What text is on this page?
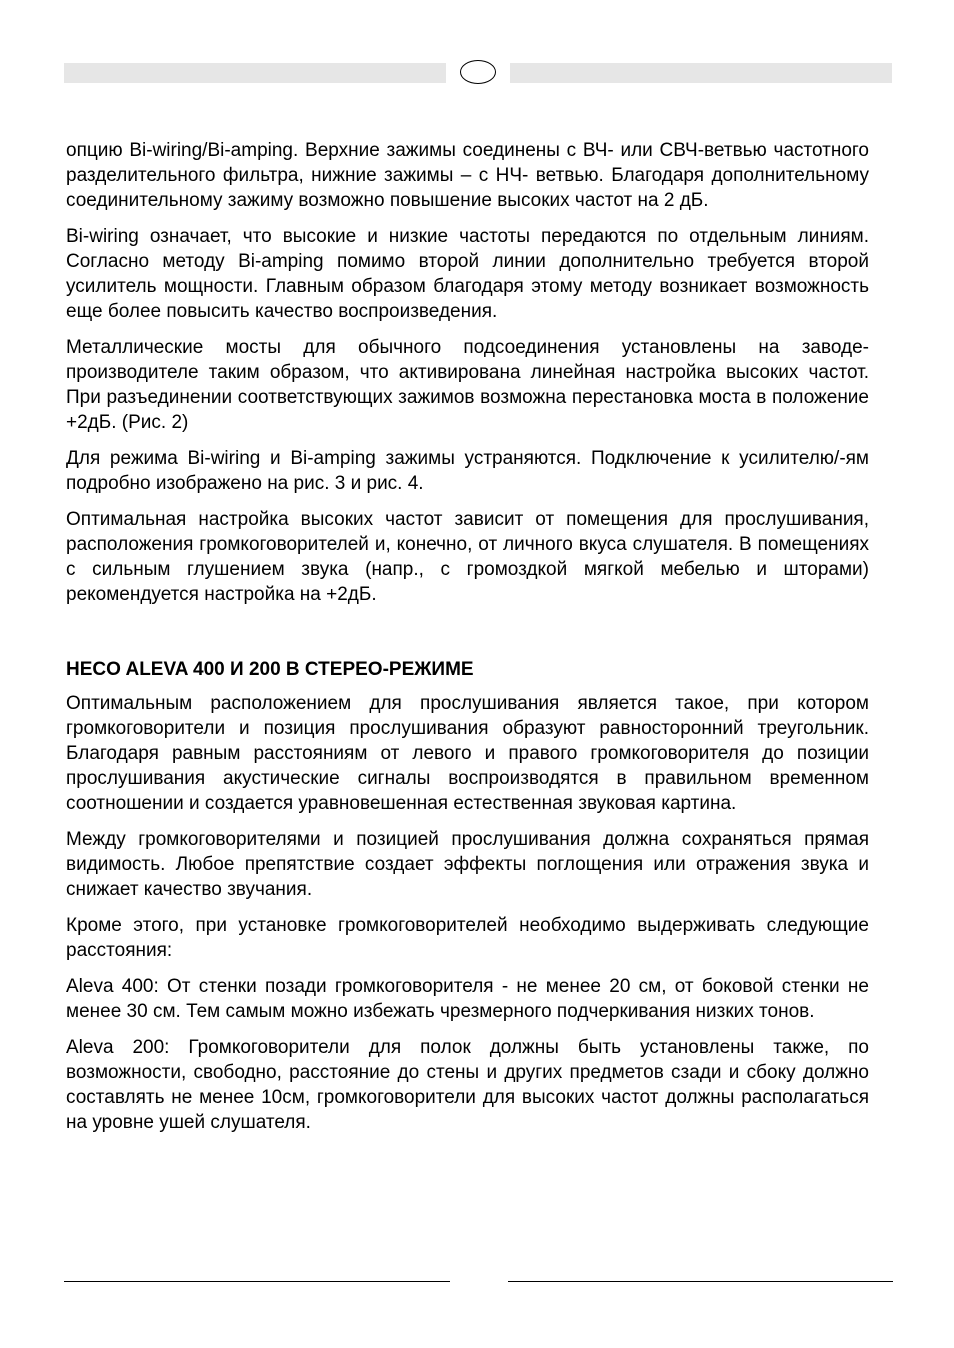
опцию Bi-wiring/Bi-amping. Верхние зажимы соединены с ВЧ- или СВЧ-ветвью частотного разделительного фильтра, нижние зажимы – с НЧ- ветвью. Благодаря дополнительному соединительному зажиму возможно повышение высоких частот на 2 дБ.

Bi-wiring означает, что высокие и низкие частоты передаются по отдельным линиям. Согласно методу Bi-amping помимо второй линии дополнительно требуется второй усилитель мощности. Главным образом благодаря этому методу возникает возможность еще более повысить качество воспроизведения.

Металлические мосты для обычного подсоединения установлены на заводе-производителе таким образом, что активирована линейная настройка высоких частот. При разъединении соответствующих зажимов возможна перестановка моста в положение +2дБ. (Рис. 2)

Для режима Bi-wiring и Bi-amping зажимы устраняются. Подключение к усилителю/-ям подробно изображено на рис. 3 и рис. 4.

Оптимальная настройка высоких частот зависит от помещения для прослушивания, расположения громкоговорителей и, конечно, от личного вкуса слушателя. В помещениях с сильным глушением звука (напр., с громоздкой мягкой мебелью и шторами) рекомендуется настройка на +2дБ.

HECO ALEVA 400 И 200 В СТЕРЕО-РЕЖИМЕ

Оптимальным расположением для прослушивания является такое, при котором громкоговорители и позиция прослушивания образуют равносторонний треугольник. Благодаря равным расстояниям от левого и правого громкоговорителя до позиции прослушивания акустические сигналы воспроизводятся в правильном временном соотношении и создается уравновешенная естественная звуковая картина.

Между громкоговорителями и позицией прослушивания должна сохраняться прямая видимость. Любое препятствие создает эффекты поглощения или отражения звука и снижает качество звучания.

Кроме этого, при установке громкоговорителей необходимо выдерживать следующие расстояния:

Aleva 400: От стенки позади громкоговорителя - не менее 20 см, от боковой стенки не менее 30 см. Тем самым можно избежать чрезмерного подчеркивания низких тонов.

Aleva 200: Громкоговорители для полок должны быть установлены также, по возможности, свободно, расстояние до стены и других предметов сзади и сбоку должно составлять не менее 10см, громкоговорители для высоких частот должны располагаться на уровне ушей слушателя.
